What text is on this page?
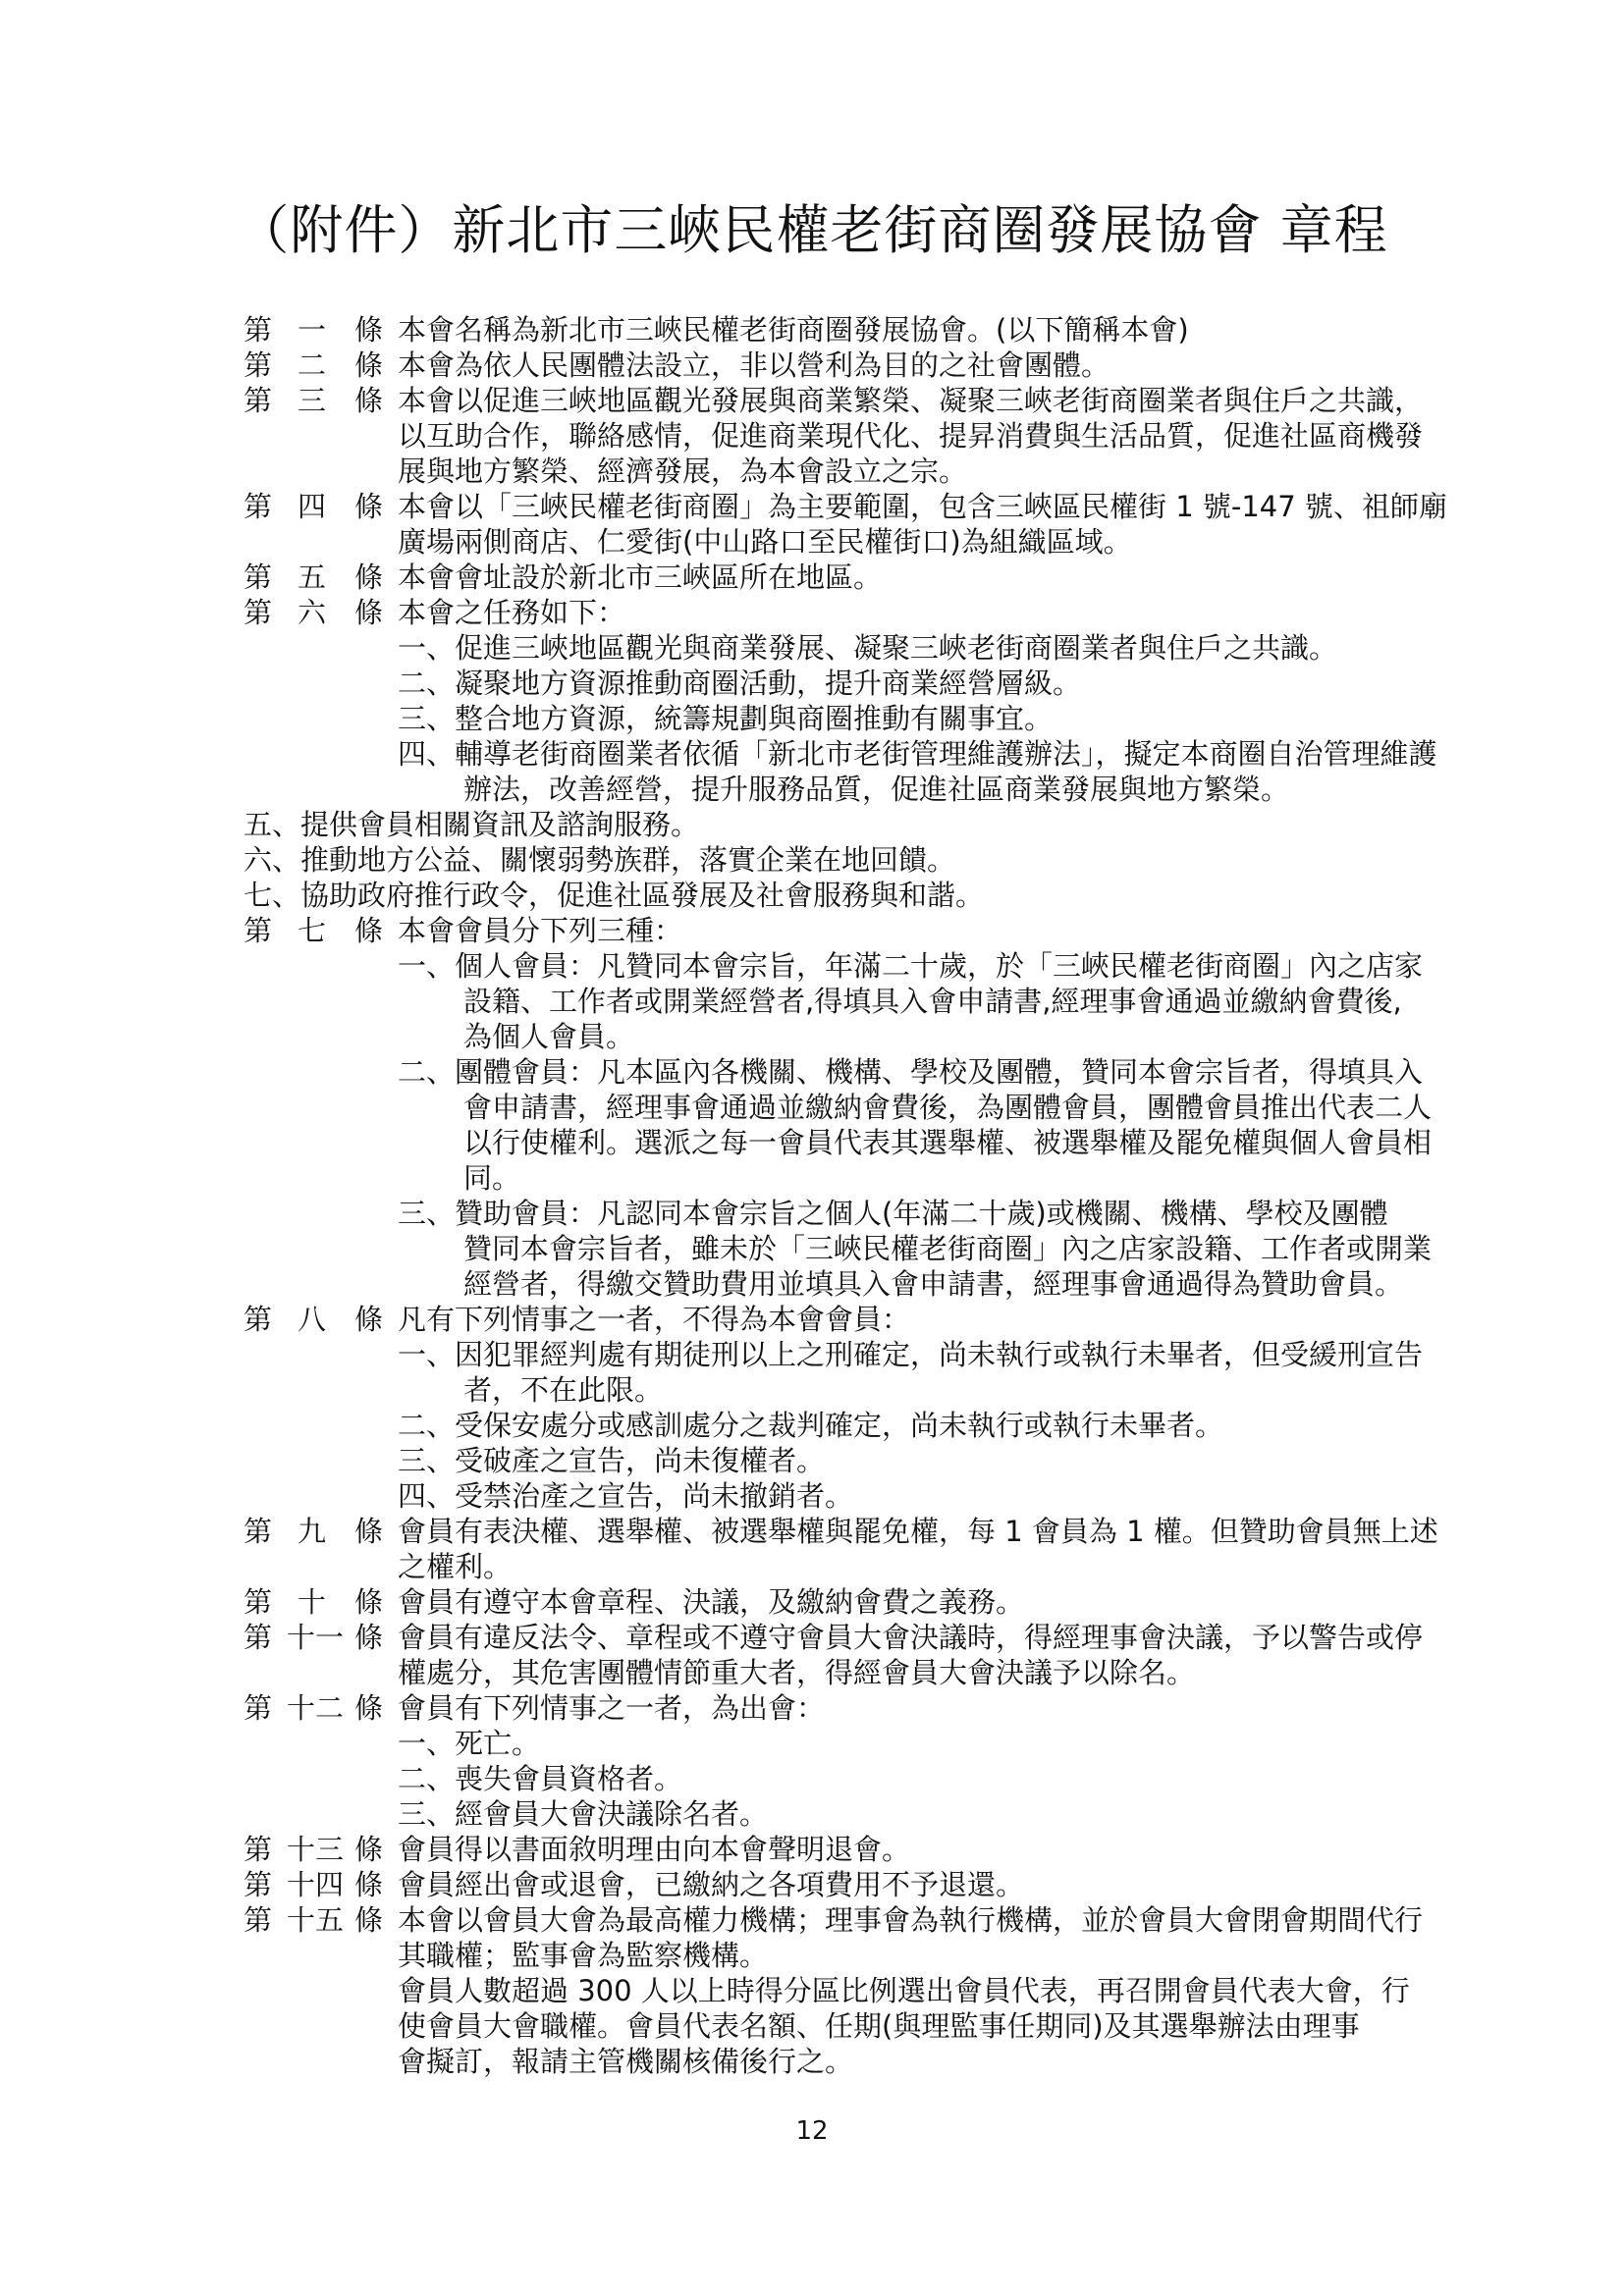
（附件）新北市三峽民權老街商圈發展協會 章程
第 一 條 本會名稱為新北市三峽民權老街商圈發展協會。(以下簡稱本會)
第 二 條 本會為依人民團體法設立，非以營利為目的之社會團體。
第 三 條 本會以促進三峽地區觀光發展與商業繁榮、凝聚三峽老街商圈業者與住戶之共識，
以互助合作，聯絡感情，促進商業現代化、提昇消費與生活品質，促進社區商機發
展與地方繁榮、經濟發展，為本會設立之宗。
第 四 條 本會以「三峽民權老街商圈」為主要範圍，包含三峽區民權街 1 號-147 號、祖師廟
廣場兩側商店、仁愛街(中山路口至民權街口)為組織區域。
第 五 條 本會會址設於新北市三峽區所在地區。
第 六 條 本會之任務如下：
一、促進三峽地區觀光與商業發展、凝聚三峽老街商圈業者與住戶之共識。
二、凝聚地方資源推動商圈活動，提升商業經營層級。
三、整合地方資源，統籌規劃與商圈推動有關事宜。
四、輔導老街商圈業者依循「新北市老街管理維護辦法」，擬定本商圈自治管理維護
辦法，改善經營，提升服務品質，促進社區商業發展與地方繁榮。
五、提供會員相關資訊及諮詢服務。
六、推動地方公益、關懷弱勢族群，落實企業在地回饋。
七、協助政府推行政令，促進社區發展及社會服務與和諧。
第 七 條 本會會員分下列三種：
一、個人會員：凡贊同本會宗旨，年滿二十歲，於「三峽民權老街商圈」內之店家
設籍、工作者或開業經營者,得填具入會申請書,經理事會通過並繳納會費後,
為個人會員。
二、團體會員：凡本區內各機關、機構、學校及團體，贊同本會宗旨者，得填具入
會申請書，經理事會通過並繳納會費後，為團體會員，團體會員推出代表二人
以行使權利。選派之每一會員代表其選舉權、被選舉權及罷免權與個人會員相
同。
三、贊助會員：凡認同本會宗旨之個人(年滿二十歲)或機關、機構、學校及團體
贊同本會宗旨者，雖未於「三峽民權老街商圈」內之店家設籍、工作者或開業
經營者，得繳交贊助費用並填具入會申請書，經理事會通過得為贊助會員。
第 八 條 凡有下列情事之一者，不得為本會會員：
一、因犯罪經判處有期徒刑以上之刑確定，尚未執行或執行未畢者，但受緩刑宣告
者，不在此限。
二、受保安處分或感訓處分之裁判確定，尚未執行或執行未畢者。
三、受破產之宣告，尚未復權者。
四、受禁治產之宣告，尚未撤銷者。
第 九 條 會員有表決權、選舉權、被選舉權與罷免權，每 1 會員為 1 權。但贊助會員無上述
之權利。
第 十 條 會員有遵守本會章程、決議，及繳納會費之義務。
第 十一 條 會員有違反法令、章程或不遵守會員大會決議時，得經理事會決議，予以警告或停
權處分，其危害團體情節重大者，得經會員大會決議予以除名。
第 十二 條 會員有下列情事之一者，為出會：
一、死亡。
二、喪失會員資格者。
三、經會員大會決議除名者。
第 十三 條 會員得以書面敘明理由向本會聲明退會。
第 十四 條 會員經出會或退會，已繳納之各項費用不予退還。
第 十五 條 本會以會員大會為最高權力機構；理事會為執行機構，並於會員大會閉會期間代行
其職權；監事會為監察機構。
會員人數超過 300 人以上時得分區比例選出會員代表，再召開會員代表大會，行
使會員大會職權。會員代表名額、任期(與理監事任期同)及其選舉辦法由理事
會擬訂，報請主管機關核備後行之。
12
